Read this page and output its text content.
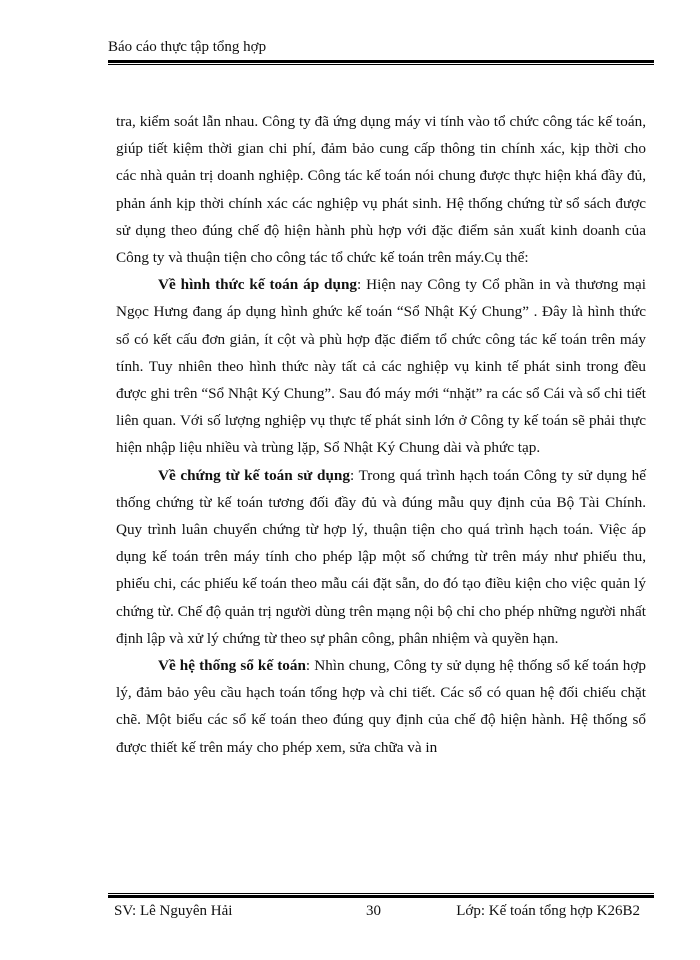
Báo cáo thực tập tổng hợp

tra, kiểm soát lẫn nhau. Công ty đã ứng dụng máy vi tính vào tổ chức công tác kế toán, giúp tiết kiệm thời gian chi phí, đảm bảo cung cấp thông tin chính xác, kịp thời cho các nhà quản trị doanh nghiệp. Công tác kế toán nói chung được thực hiện khá đầy đủ, phản ánh kịp thời chính xác các nghiệp vụ phát sinh. Hệ thống chứng từ sổ sách được sử dụng theo đúng chế độ hiện hành phù hợp với đặc điểm sản xuất kinh doanh của Công ty và thuận tiện cho công tác tổ chức kế toán trên máy.Cụ thể:

Về hình thức kế toán áp dụng: Hiện nay Công ty Cổ phần in và thương mại Ngọc Hưng đang áp dụng hình ghức kế toán “Sổ Nhật Ký Chung” . Đây là hình thức sổ có kết cấu đơn giản, ít cột và phù hợp đặc điểm tổ chức công tác kế toán trên máy tính. Tuy nhiên theo hình thức này tất cả các nghiệp vụ kinh tế phát sinh trong đều được ghi trên “Sổ Nhật Ký Chung”. Sau đó máy mới “nhặt” ra các sổ Cái và sổ chi tiết liên quan. Với số lượng nghiệp vụ thực tế phát sinh lớn ở Công ty kế toán sẽ phải thực hiện nhập liệu nhiều và trùng lặp, Sổ Nhật Ký Chung dài và phức tạp.

Về chứng từ kế toán sử dụng: Trong quá trình hạch toán Công ty sử dụng hế thống chứng từ kế toán tương đối đầy đủ và đúng mẫu quy định của Bộ Tài Chính. Quy trình luân chuyển chứng từ hợp lý, thuận tiện cho quá trình hạch toán. Việc áp dụng kế toán trên máy tính cho phép lập một số chứng từ trên máy như phiếu thu, phiếu chi, các phiếu kế toán theo mẫu cái đặt sẵn, do đó tạo điều kiện cho việc quản lý chứng từ. Chế độ quản trị người dùng trên mạng nội bộ chỉ cho phép những người nhất định lập và xử lý chứng từ theo sự phân công, phân nhiệm và quyền hạn.

Về hệ thống sổ kế toán: Nhìn chung, Công ty sử dụng hệ thống sổ kế toán hợp lý, đảm bảo yêu cầu hạch toán tổng hợp và chi tiết. Các sổ có quan hệ đối chiếu chặt chẽ. Một biểu các sổ kế toán theo đúng quy định của chế độ hiện hành. Hệ thống sổ được thiết kế trên máy cho phép xem, sửa chữa và in

SV: Lê Nguyên Hải	30	Lớp: Kế toán tổng hợp K26B2
